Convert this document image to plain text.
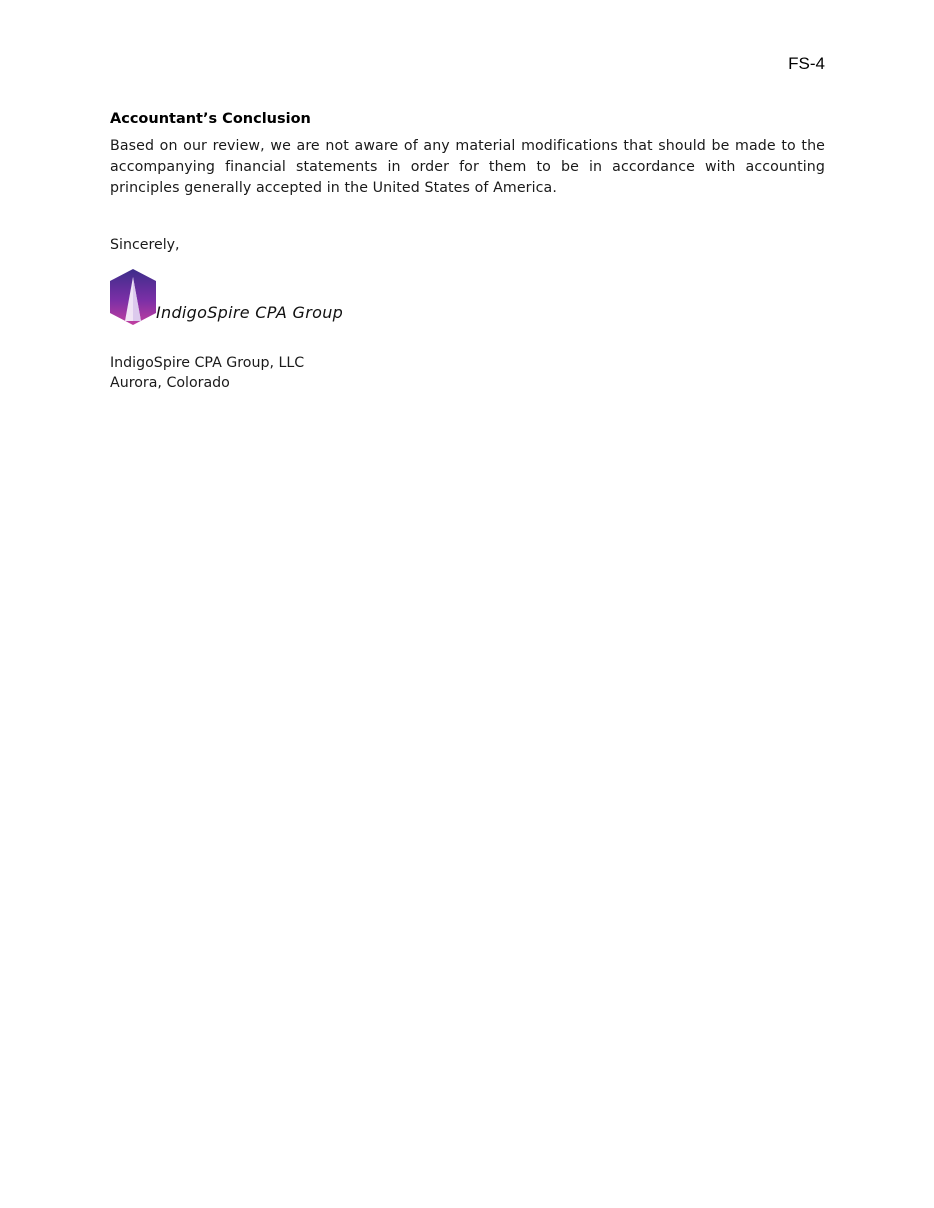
FS-4
Accountant’s Conclusion

Based on our review, we are not aware of any material modifications that should be made to the accompanying financial statements in order for them to be in accordance with accounting principles generally accepted in the United States of America.

Sincerely,
IndigoSpire CPA Group
IndigoSpire CPA Group, LLC
Aurora, Colorado
